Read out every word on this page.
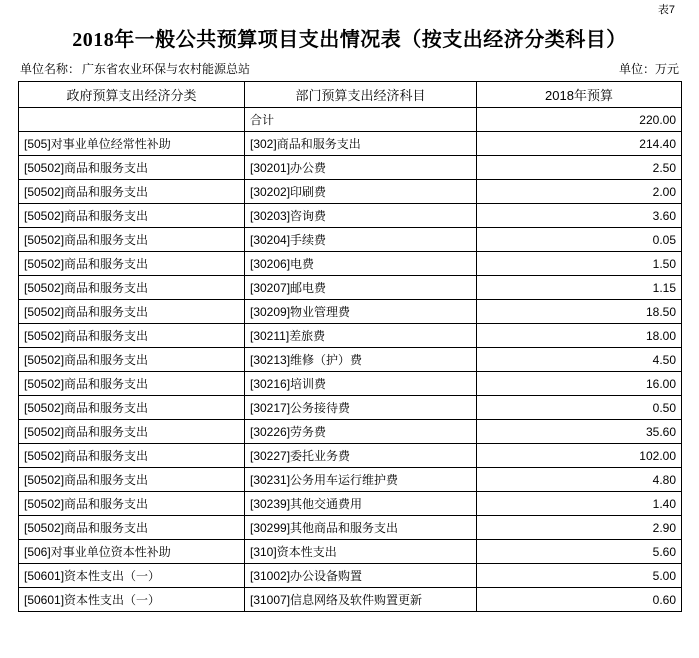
表7
2018年一般公共预算项目支出情况表（按支出经济分类科目）
单位名称： 广东省农业环保与农村能源总站	单位：万元
政府预算支出经济分类	部门预算支出经济科目	2018年预算
	合计	220.00
[505]对事业单位经常性补助	[302]商品和服务支出	214.40
[50502]商品和服务支出	[30201]办公费	2.50
[50502]商品和服务支出	[30202]印刷费	2.00
[50502]商品和服务支出	[30203]咨询费	3.60
[50502]商品和服务支出	[30204]手续费	0.05
[50502]商品和服务支出	[30206]电费	1.50
[50502]商品和服务支出	[30207]邮电费	1.15
[50502]商品和服务支出	[30209]物业管理费	18.50
[50502]商品和服务支出	[30211]差旅费	18.00
[50502]商品和服务支出	[30213]维修（护）费	4.50
[50502]商品和服务支出	[30216]培训费	16.00
[50502]商品和服务支出	[30217]公务接待费	0.50
[50502]商品和服务支出	[30226]劳务费	35.60
[50502]商品和服务支出	[30227]委托业务费	102.00
[50502]商品和服务支出	[30231]公务用车运行维护费	4.80
[50502]商品和服务支出	[30239]其他交通费用	1.40
[50502]商品和服务支出	[30299]其他商品和服务支出	2.90
[506]对事业单位资本性补助	[310]资本性支出	5.60
[50601]资本性支出（一）	[31002]办公设备购置	5.00
[50601]资本性支出（一）	[31007]信息网络及软件购置更新	0.60
